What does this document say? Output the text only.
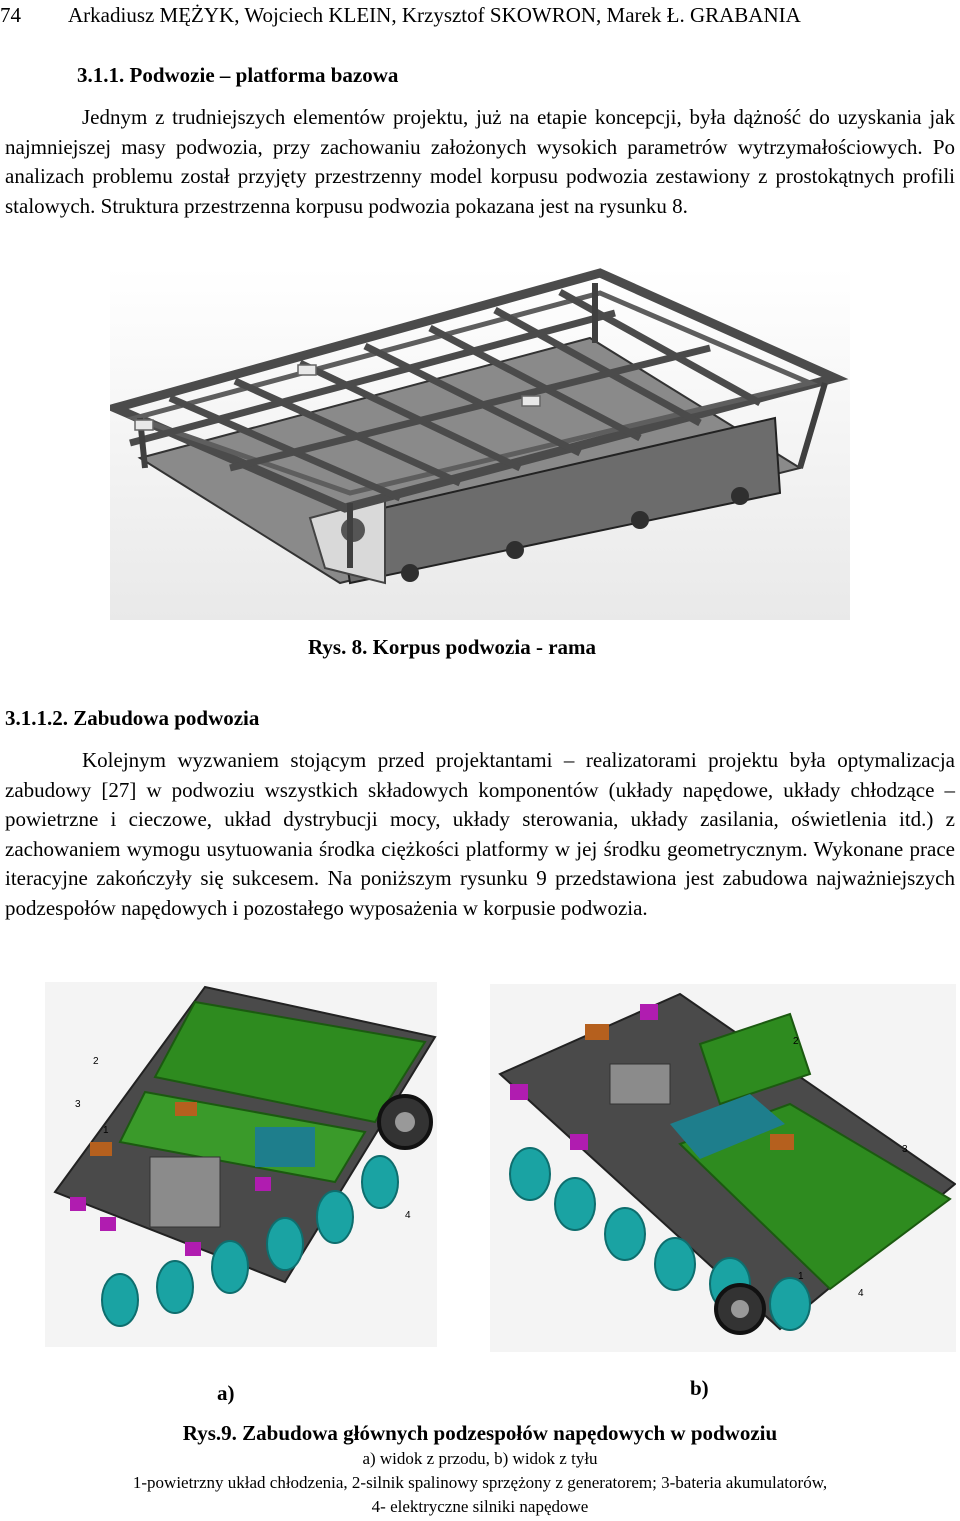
74 Arkadiusz MĘŻYK, Wojciech KLEIN, Krzysztof SKOWRON, Marek Ł. GRABANIA
3.1.1. Podwozie – platforma bazowa

Jednym z trudniejszych elementów projektu, już na etapie koncepcji, była dążność do uzyskania jak najmniejszej masy podwozia, przy zachowaniu założonych wysokich parametrów wytrzymałościowych. Po analizach problemu został przyjęty przestrzenny model korpusu podwozia zestawiony z prostokątnych profili stalowych. Struktura przestrzenna korpusu podwozia pokazana jest na rysunku 8.

Rys. 8. Korpus podwozia - rama
3.1.1.2. Zabudowa podwozia

Kolejnym wyzwaniem stojącym przed projektantami – realizatorami projektu była optymalizacja zabudowy [27] w podwoziu wszystkich składowych komponentów (układy napędowe, układy chłodzące – powietrzne i cieczowe, układ dystrybucji mocy, układy sterowania, układy zasilania, oświetlenia itd.) z zachowaniem wymogu usytuowania środka ciężkości platformy w jej środku geometrycznym. Wykonane prace iteracyjne zakończyły się sukcesem. Na poniższym rysunku 9 przedstawiona jest zabudowa najważniejszych podzespołów napędowych i pozostałego wyposażenia w korpusie podwozia.

1
2
3
4
1
2
3
4
a)	b)
Rys.9. Zabudowa głównych podzespołów napędowych w podwoziu
a) widok z przodu, b) widok z tyłu
1-powietrzny układ chłodzenia, 2-silnik spalinowy sprzężony z generatorem; 3-bateria akumulatorów,
4- elektryczne silniki napędowe
